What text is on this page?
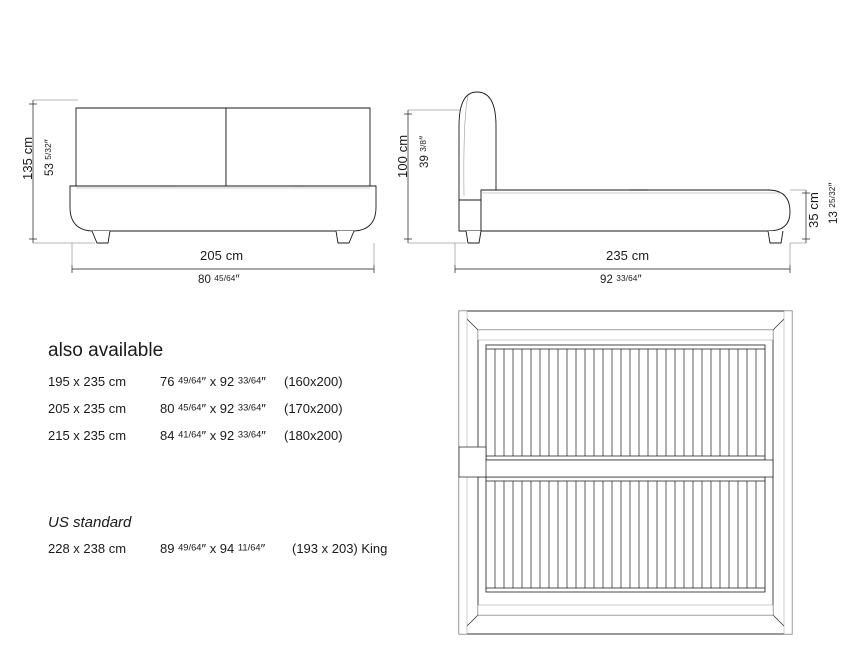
135 cm 53 5/32″
205 cm
80 45/64″
100 cm 39 3/8″
235 cm
92 33/64″
35 cm 13 25/32″
also available
195 x 235 cm	76 49/64″ x 92 33/64″ (160x200)
205 x 235 cm	80 45/64″ x 92 33/64″ (170x200)
215 x 235 cm	84 41/64″ x 92 33/64″ (180x200)
US standard
228 x 238 cm	89 49/64″ x 94 11/64″ (193 x 203) King
